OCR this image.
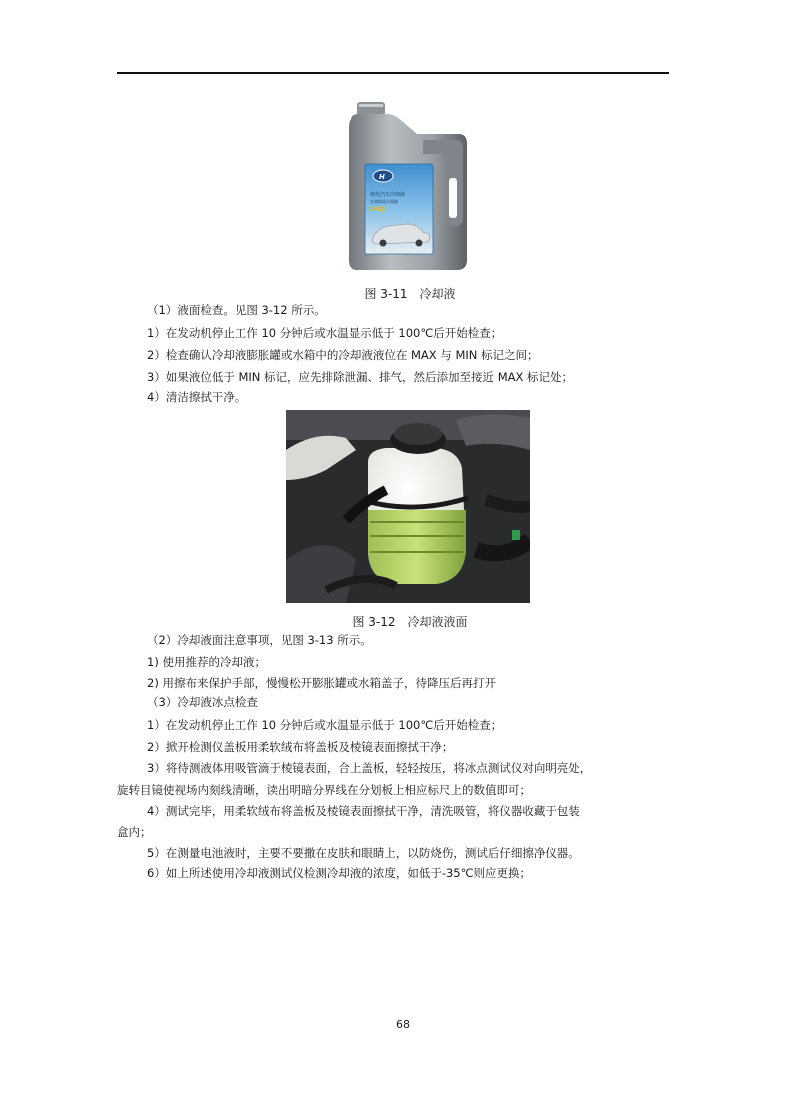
H
现代汽车冷却液
长效防冻冷却液
冷却液
图 3-11　冷却液
（1）液面检查。见图 3-12 所示。
1）在发动机停止工作 10 分钟后或水温显示低于 100℃后开始检查；
2）检查确认冷却液膨胀罐或水箱中的冷却液液位在 MAX 与 MIN 标记之间；
3）如果液位低于 MIN 标记，应先排除泄漏、排气，然后添加至接近 MAX 标记处；
4）清洁擦拭干净。
图 3-12　冷却液液面
（2）冷却液面注意事项，见图 3-13 所示。
1) 使用推荐的冷却液；
2) 用擦布来保护手部，慢慢松开膨胀罐或水箱盖子，待降压后再打开
（3）冷却液冰点检查
1）在发动机停止工作 10 分钟后或水温显示低于 100℃后开始检查；
2）掀开检测仪盖板用柔软绒布将盖板及棱镜表面擦拭干净；
3）将待测液体用吸管滴于棱镜表面，合上盖板，轻轻按压，将冰点测试仪对向明亮处，
旋转目镜使视场内刻线清晰，读出明暗分界线在分划板上相应标尺上的数值即可；
4）测试完毕，用柔软绒布将盖板及棱镜表面擦拭干净，清洗吸管，将仪器收藏于包装
盒内；
5）在测量电池液时，主要不要撒在皮肤和眼睛上，以防烧伤，测试后仔细擦净仪器。
6）如上所述使用冷却液测试仪检测冷却液的浓度，如低于-35℃则应更换；
68
